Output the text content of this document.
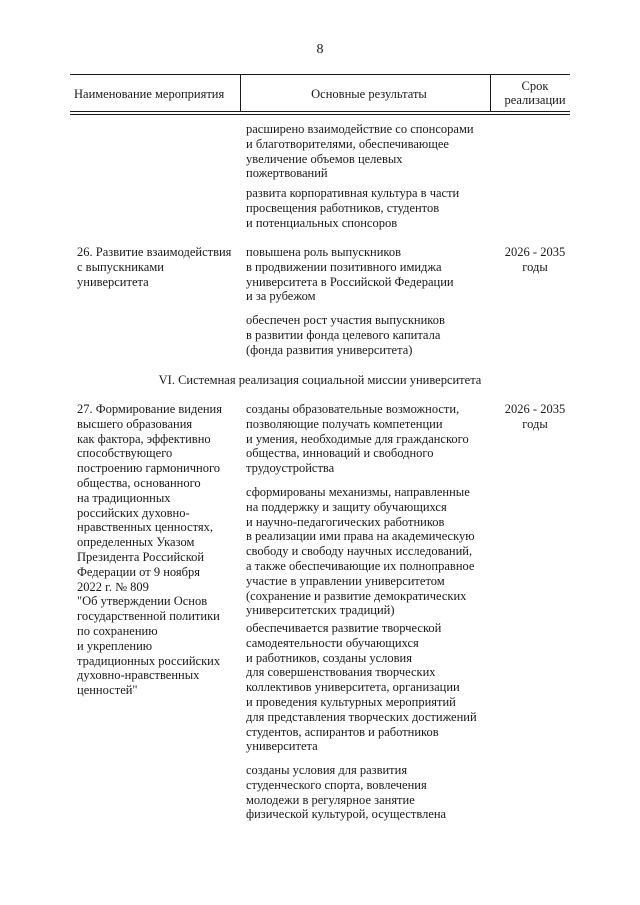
8
Наименование мероприятия	Основные результаты
Срок
реализации
расширено взаимодействие со спонсорами
и благотворителями, обеспечивающее
увеличение объемов целевых
пожертвований
развита корпоративная культура в части
просвещения работников, студентов
и потенциальных спонсоров
26. Развитие взаимодействия
с выпускниками
университета
повышена роль выпускников
в продвижении позитивного имиджа
университета в Российской Федерации
и за рубежом
2026 - 2035
годы
обеспечен рост участия выпускников
в развитии фонда целевого капитала
(фонда развития университета)
VI. Системная реализация социальной миссии университета
27. Формирование видения
высшего образования
как фактора, эффективно
способствующего
построению гармоничного
общества, основанного
на традиционных
российских духовно-
нравственных ценностях,
определенных Указом
Президента Российской
Федерации от 9 ноября
2022 г. № 809
"Об утверждении Основ
государственной политики
по сохранению
и укреплению
традиционных российских
духовно-нравственных
ценностей"
созданы образовательные возможности,
позволяющие получать компетенции
и умения, необходимые для гражданского
общества, инноваций и свободного
трудоустройства
2026 - 2035
годы
сформированы механизмы, направленные
на поддержку и защиту обучающихся
и научно-педагогических работников
в реализации ими права на академическую
свободу и свободу научных исследований,
а также обеспечивающие их полноправное
участие в управлении университетом
(сохранение и развитие демократических
университетских традиций)
обеспечивается развитие творческой
самодеятельности обучающихся
и работников, созданы условия
для совершенствования творческих
коллективов университета, организации
и проведения культурных мероприятий
для представления творческих достижений
студентов, аспирантов и работников
университета
созданы условия для развития
студенческого спорта, вовлечения
молодежи в регулярное занятие
физической культурой, осуществлена
